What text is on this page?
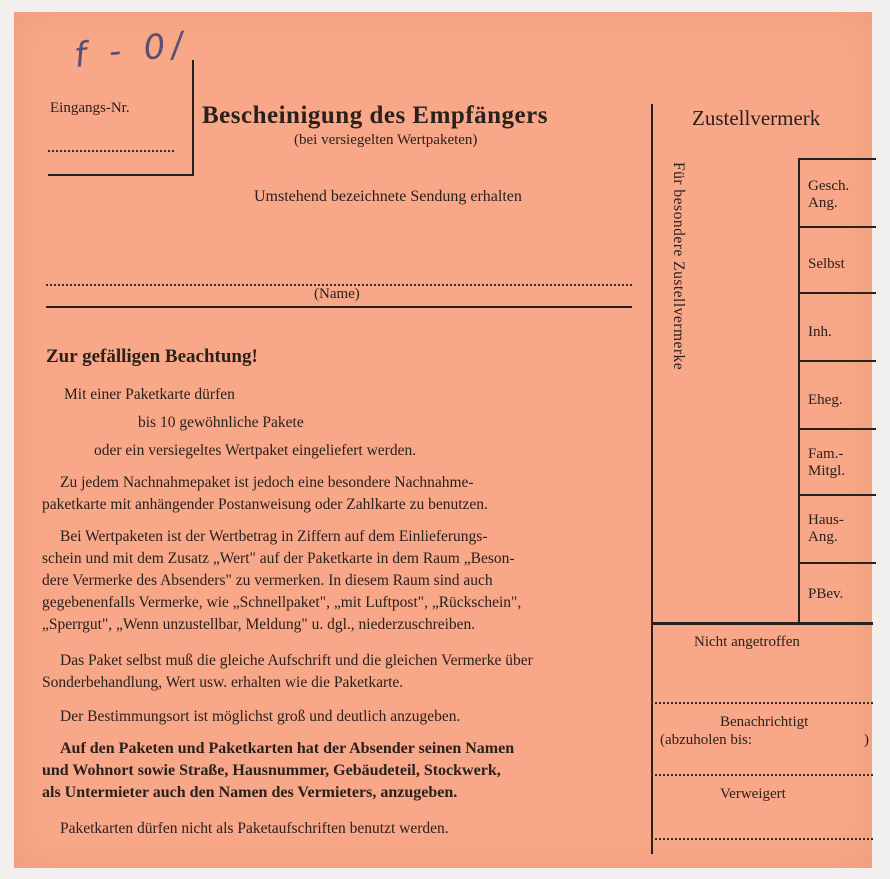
f - 0/
Eingangs-Nr.	Bescheinigung des Empfängers
(bei versiegelten Wertpaketen)
Umstehend bezeichnete Sendung erhalten
(Name)
Zur gefälligen Beachtung!
Mit einer Paketkarte dürfen
bis 10 gewöhnliche Pakete
oder ein versiegeltes Wertpaket eingeliefert werden.
Zu jedem Nachnahmepaket ist jedoch eine besondere Nachnahme-
paketkarte mit anhängender Postanweisung oder Zahlkarte zu benutzen.
Bei Wertpaketen ist der Wertbetrag in Ziffern auf dem Einlieferungs-
schein und mit dem Zusatz „Wert" auf der Paketkarte in dem Raum „Beson-
dere Vermerke des Absenders" zu vermerken. In diesem Raum sind auch
gegebenenfalls Vermerke, wie „Schnellpaket", „mit Luftpost", „Rückschein",
„Sperrgut", „Wenn unzustellbar, Meldung" u. dgl., niederzuschreiben.
Das Paket selbst muß die gleiche Aufschrift und die gleichen Vermerke über
Sonderbehandlung, Wert usw. erhalten wie die Paketkarte.
Der Bestimmungsort ist möglichst groß und deutlich anzugeben.
Auf den Paketen und Paketkarten hat der Absender seinen Namen
und Wohnort sowie Straße, Hausnummer, Gebäudeteil, Stockwerk,
als Untermieter auch den Namen des Vermieters, anzugeben.
Paketkarten dürfen nicht als Paketaufschriften benutzt werden.
Zustellvermerk
Für besondere Zustellvermerke	Gesch.
Ang.
Selbst
Inh.
Eheg.
Fam.-
Mitgl.
Haus-
Ang.
PBev.
Nicht angetroffen
Benachrichtigt
(abzuholen bis:	)
Verweigert
